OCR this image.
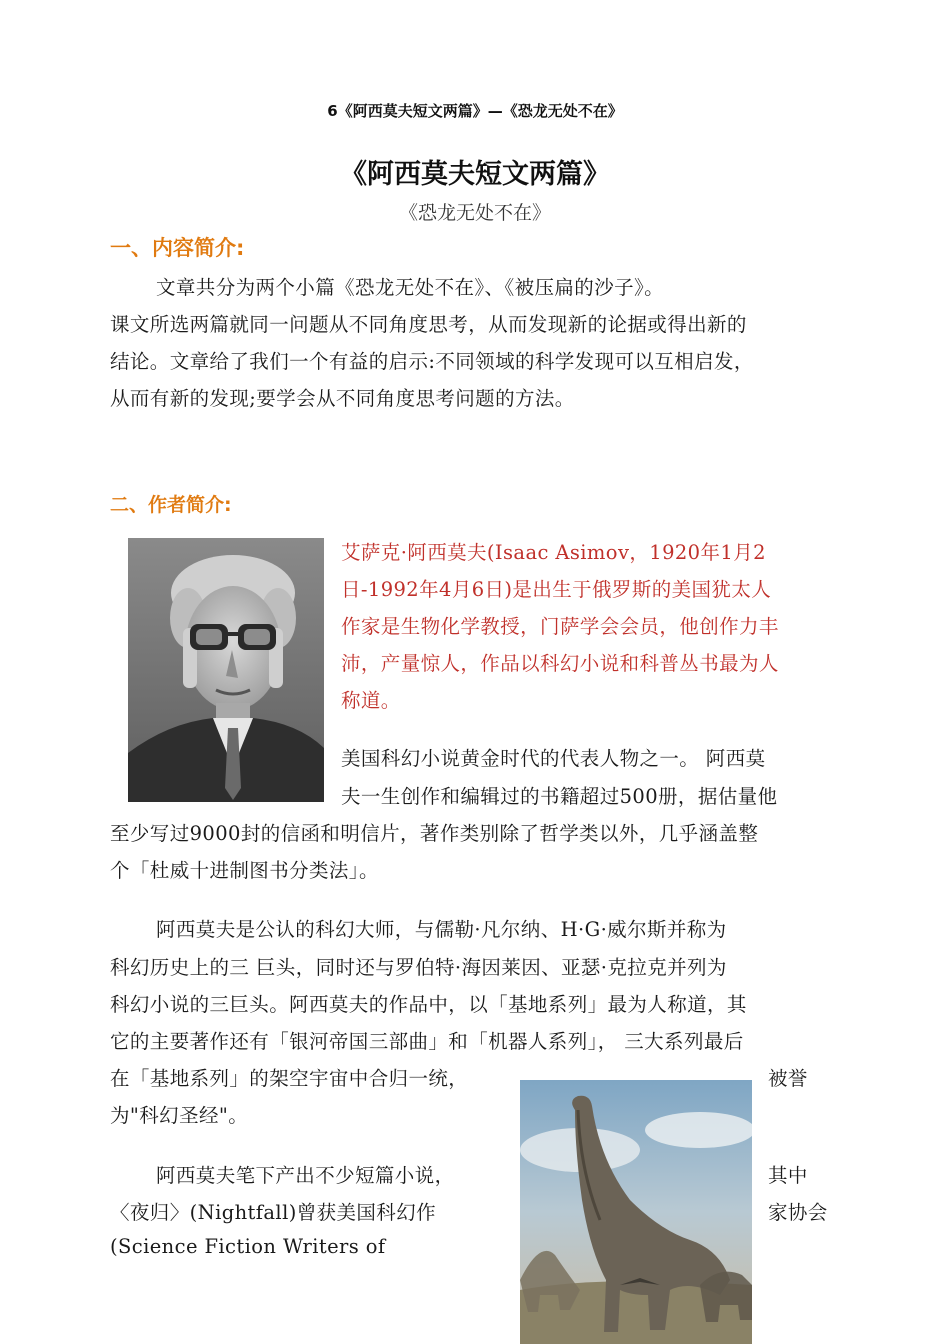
6《阿西莫夫短文两篇》—《恐龙无处不在》
《阿西莫夫短文两篇》
《恐龙无处不在》
一、内容简介:
文章共分为两个小篇《恐龙无处不在》、《被压扁的沙子》。
课文所选两篇就同一问题从不同角度思考，从而发现新的论据或得出新的
结论。文章给了我们一个有益的启示:不同领域的科学发现可以互相启发，
从而有新的发现;要学会从不同角度思考问题的方法。
二、作者简介:
艾萨克·阿西莫夫(Isaac Asimov，1920年1月2
日-1992年4月6日)是出生于俄罗斯的美国犹太人
作家是生物化学教授，门萨学会会员，他创作力丰
沛，产量惊人，作品以科幻小说和科普丛书最为人
称道。
美国科幻小说黄金时代的代表人物之一。 阿西莫
夫一生创作和编辑过的书籍超过500册，据估量他
至少写过9000封的信函和明信片，著作类别除了哲学类以外，几乎涵盖整
个「杜威十进制图书分类法」。
阿西莫夫是公认的科幻大师，与儒勒·凡尔纳、H·G·威尔斯并称为
科幻历史上的三 巨头，同时还与罗伯特·海因莱因、亚瑟·克拉克并列为
科幻小说的三巨头。阿西莫夫的作品中，以「基地系列」最为人称道，其
它的主要著作还有「银河帝国三部曲」和「机器人系列」， 三大系列最后
在「基地系列」的架空宇宙中合归一统，	被誉
为"科幻圣经"。
阿西莫夫笔下产出不少短篇小说，	其中
〈夜归〉(Nightfall)曾获美国科幻作	家协会
(Science Fiction Writers of
